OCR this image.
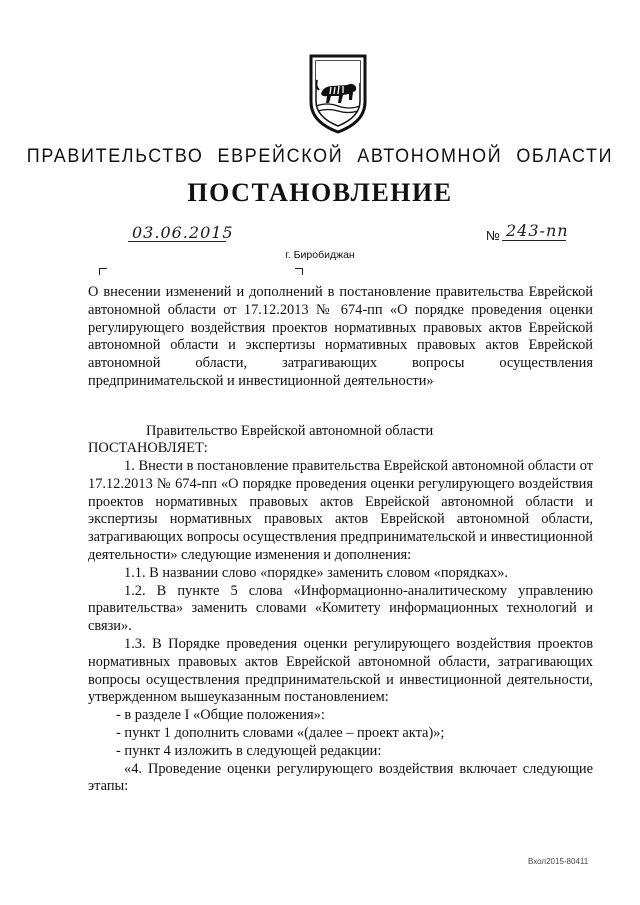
ПРАВИТЕЛЬСТВО ЕВРЕЙСКОЙ АВТОНОМНОЙ ОБЛАСТИ
ПОСТАНОВЛЕНИЕ
03.06.2015	№ 243-пп
г. Биробиджан
О внесении изменений и дополнений в постановление правительства Еврейской автономной области от 17.12.2013 № 674-пп «О порядке проведения оценки регулирующего воздействия проектов нормативных правовых актов Еврейской автономной области и экспертизы нормативных правовых актов Еврейской автономной области, затрагивающих вопросы осуществления предпринимательской и инвестиционной деятельности»
Правительство Еврейской автономной области
ПОСТАНОВЛЯЕТ:
1. Внести в постановление правительства Еврейской автономной области от 17.12.2013 № 674-пп «О порядке проведения оценки регулирующего воздействия проектов нормативных правовых актов Еврейской автономной области и экспертизы нормативных правовых актов Еврейской автономной области, затрагивающих вопросы осуществления предпринимательской и инвестиционной деятельности» следующие изменения и дополнения:
1.1. В названии слово «порядке» заменить словом «порядках».
1.2. В пункте 5 слова «Информационно-аналитическому управлению правительства» заменить словами «Комитету информационных технологий и связи».
1.3. В Порядке проведения оценки регулирующего воздействия проектов нормативных правовых актов Еврейской автономной области, затрагивающих вопросы осуществления предпринимательской и инвестиционной деятельности, утвержденном вышеуказанным постановлением:
- в разделе I «Общие положения»:
- пункт 1 дополнить словами «(далее – проект акта)»;
- пункт 4 изложить в следующей редакции:
«4. Проведение оценки регулирующего воздействия включает следующие этапы:
Вхол2015-80411
